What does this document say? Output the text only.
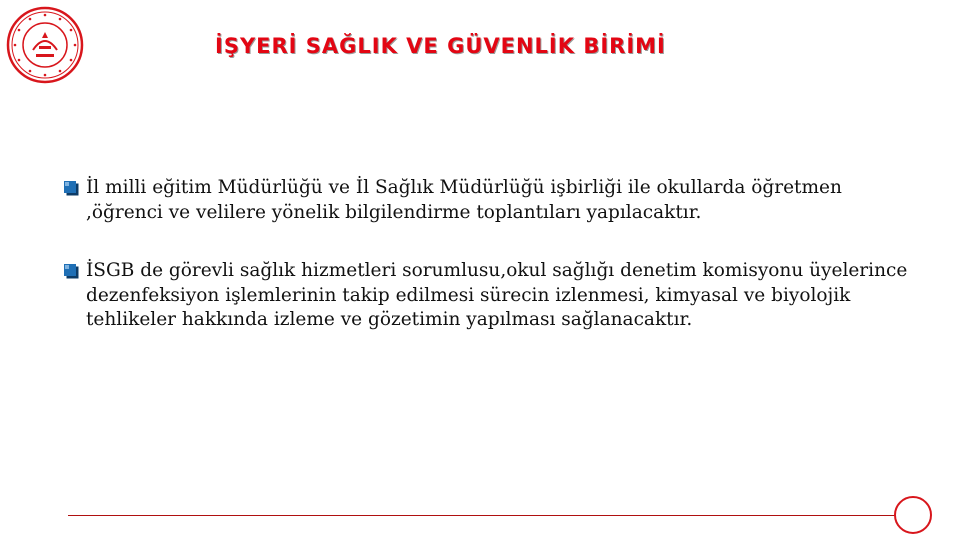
İŞYERİ SAĞLIK VE GÜVENLİK BİRİMİ
İl milli eğitim Müdürlüğü ve İl Sağlık Müdürlüğü işbirliği ile okullarda öğretmen ,öğrenci ve velilere yönelik bilgilendirme toplantıları yapılacaktır.
İSGB de görevli sağlık hizmetleri sorumlusu,okul sağlığı denetim komisyonu üyelerince dezenfeksiyon işlemlerinin takip edilmesi sürecin izlenmesi, kimyasal ve biyolojik tehlikeler hakkında izleme ve gözetimin yapılması sağlanacaktır.
